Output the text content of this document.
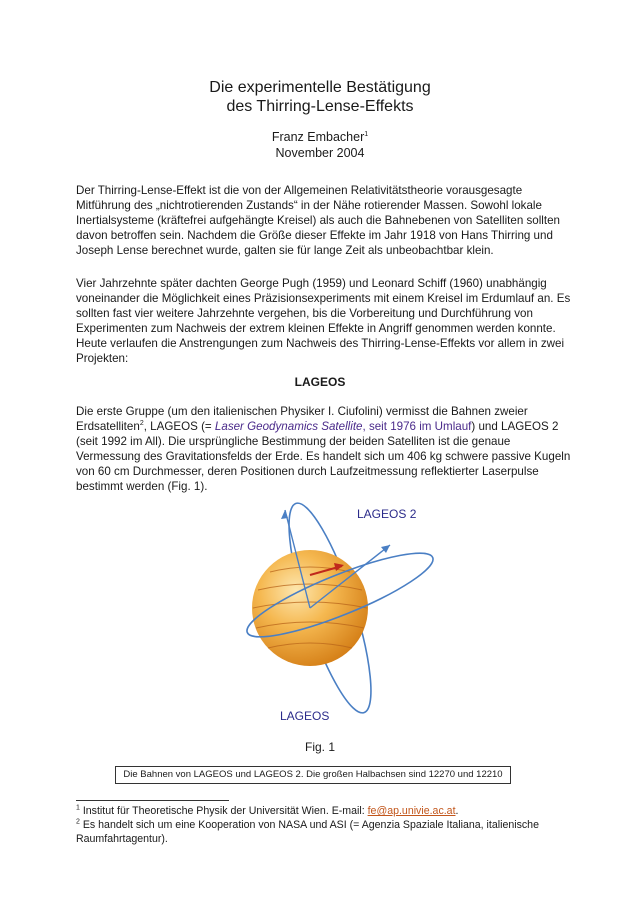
Die experimentelle Bestätigung
des Thirring-Lense-Effekts
Franz Embacher$^1$
November 2004

Der Thirring-Lense-Effekt ist die von der Allgemeinen Relativitätstheorie vorausgesagte Mitführung des „nichtrotierenden Zustands“ in der Nähe rotierender Massen. Sowohl lokale Inertialsysteme (kräftefrei aufgehängte Kreisel) als auch die Bahnebenen von Satelliten sollten davon betroffen sein. Nachdem die Größe dieser Effekte im Jahr 1918 von Hans Thirring und Joseph Lense berechnet wurde, galten sie für lange Zeit als unbeobachtbar klein.

Vier Jahrzehnte später dachten George Pugh (1959) und Leonard Schiff (1960) unabhängig voneinander die Möglichkeit eines Präzisionsexperiments mit einem Kreisel im Erdumlauf an. Es sollten fast vier weitere Jahrzehnte vergehen, bis die Vorbereitung und Durchführung von Experimenten zum Nachweis der extrem kleinen Effekte in Angriff genommen werden konnte. Heute verlaufen die Anstrengungen zum Nachweis des Thirring-Lense-Effekts vor allem in zwei Projekten:

LAGEOS

Die erste Gruppe (um den italienischen Physiker I. Ciufolini) vermisst die Bahnen zweier Erdsatelliten$^2$, LAGEOS (= Laser Geodynamics Satellite, seit 1976 im Umlauf) und LAGEOS 2 (seit 1992 im All). Die ursprüngliche Bestimmung der beiden Satelliten ist die genaue Vermessung des Gravitationsfelds der Erde. Es handelt sich um 406 kg schwere passive Kugeln von 60 cm Durchmesser, deren Positionen durch Laufzeitmessung reflektierter Laserpulse bestimmt werden (Fig. 1).

LAGEOS 2
LAGEOS
Fig. 1
Die Bahnen von LAGEOS und LAGEOS 2. Die großen Halbachsen sind 12270 und 12210
$^1$ Institut für Theoretische Physik der Universität Wien. E-mail: fe@ap.univie.ac.at.
$^2$ Es handelt sich um eine Kooperation von NASA und ASI (= Agenzia Spaziale Italiana, italienische Raumfahrtagentur).
